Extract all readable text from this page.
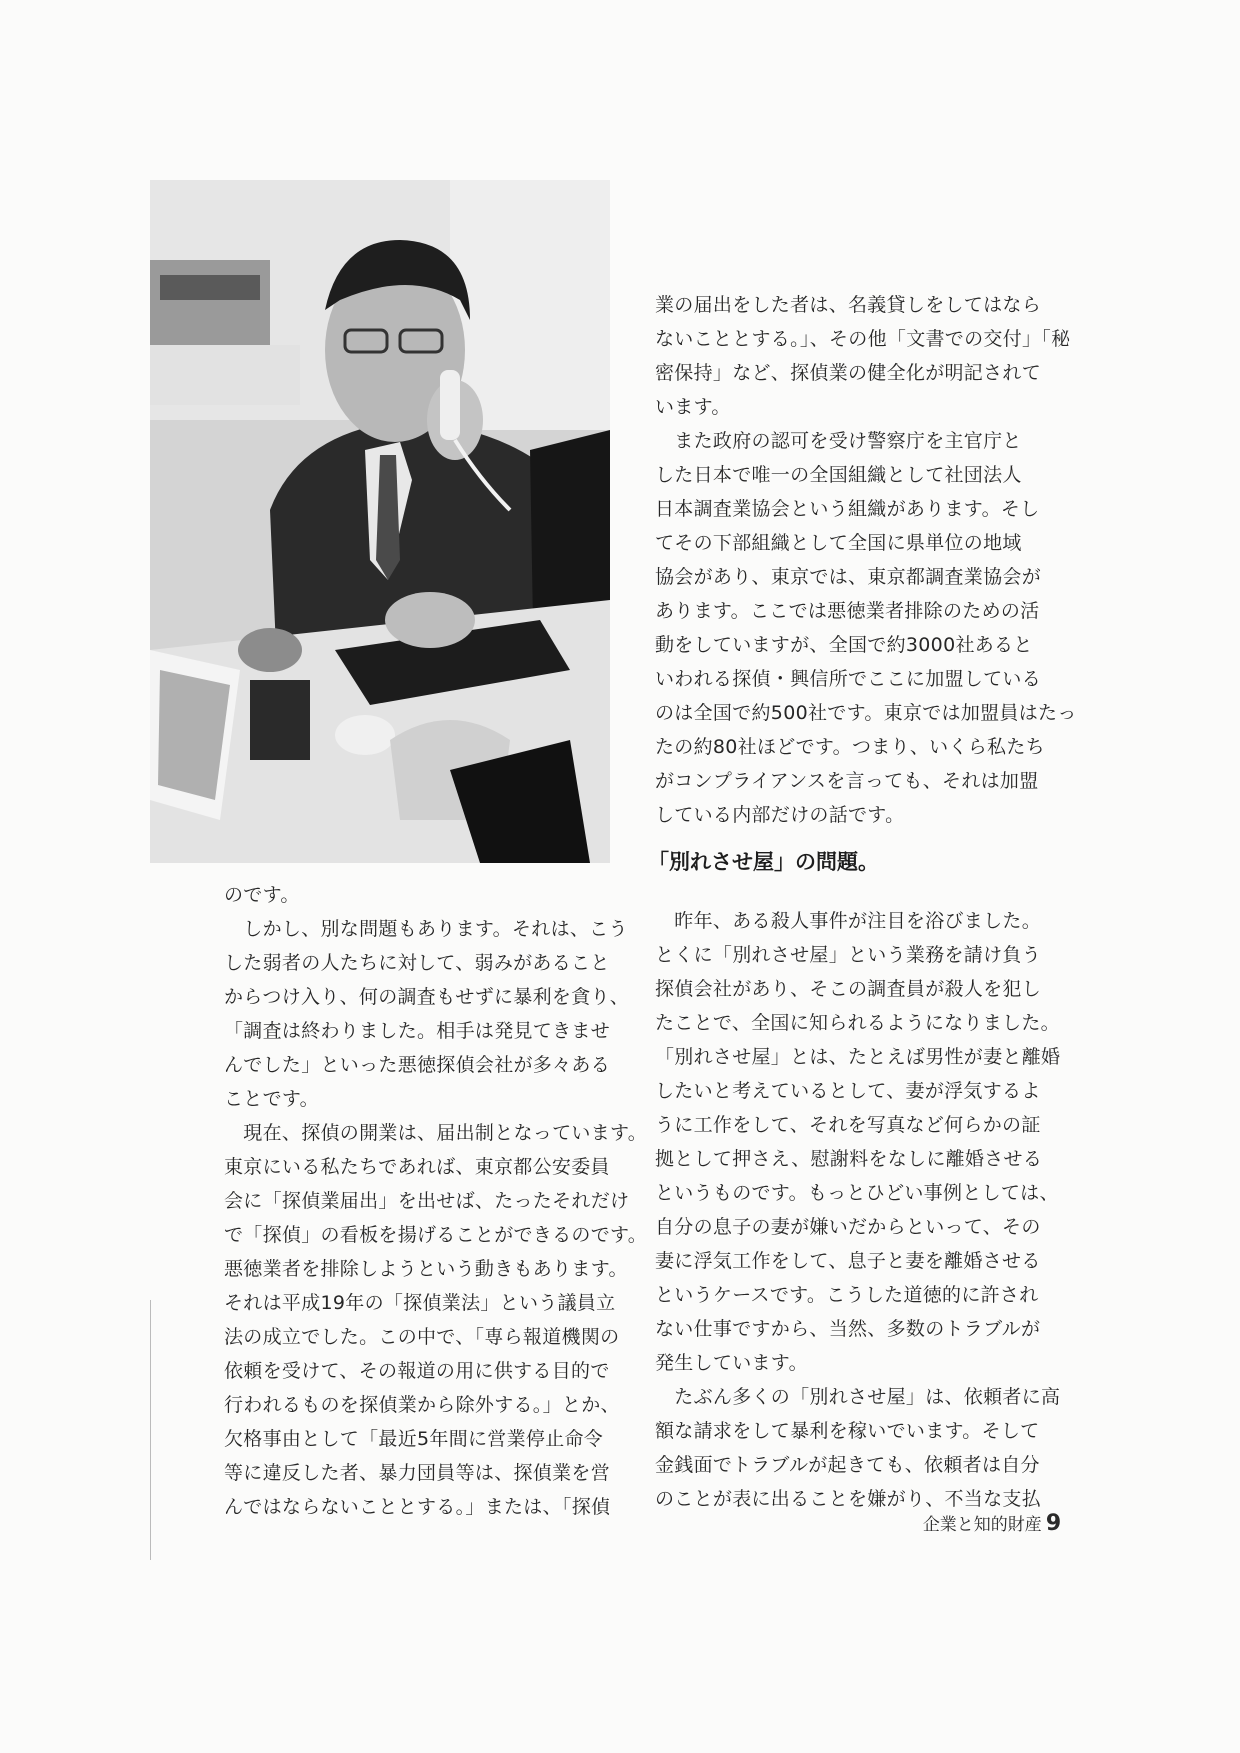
業の届出をした者は、名義貸しをしてはなら

ないこととする。」、その他「文書での交付」「秘

密保持」など、探偵業の健全化が明記されて

います。

　また政府の認可を受け警察庁を主官庁と

した日本で唯一の全国組織として社団法人

日本調査業協会という組織があります。そし

てその下部組織として全国に県単位の地域

協会があり、東京では、東京都調査業協会が

あります。ここでは悪徳業者排除のための活

動をしていますが、全国で約3000社あると

いわれる探偵・興信所でここに加盟している

のは全国で約500社です。東京では加盟員はたっ

たの約80社ほどです。つまり、いくら私たち

がコンプライアンスを言っても、それは加盟

している内部だけの話です。

「別れさせ屋」の問題。

のです。

　しかし、別な問題もあります。それは、こう

した弱者の人たちに対して、弱みがあること

からつけ入り、何の調査もせずに暴利を貪り、

「調査は終わりました。相手は発見てきませ

んでした」といった悪徳探偵会社が多々ある

ことです。

　現在、探偵の開業は、届出制となっています。

東京にいる私たちであれば、東京都公安委員

会に「探偵業届出」を出せば、たったそれだけ

で「探偵」の看板を揚げることができるのです。

悪徳業者を排除しようという動きもあります。

それは平成19年の「探偵業法」という議員立

法の成立でした。この中で、「専ら報道機関の

依頼を受けて、その報道の用に供する目的で

行われるものを探偵業から除外する。」とか、

欠格事由として「最近5年間に営業停止命令

等に違反した者、暴力団員等は、探偵業を営

んではならないこととする。」または、「探偵

　昨年、ある殺人事件が注目を浴びました。

とくに「別れさせ屋」という業務を請け負う

探偵会社があり、そこの調査員が殺人を犯し

たことで、全国に知られるようになりました。

「別れさせ屋」とは、たとえば男性が妻と離婚

したいと考えているとして、妻が浮気するよ

うに工作をして、それを写真など何らかの証

拠として押さえ、慰謝料をなしに離婚させる

というものです。もっとひどい事例としては、

自分の息子の妻が嫌いだからといって、その

妻に浮気工作をして、息子と妻を離婚させる

というケースです。こうした道徳的に許され

ない仕事ですから、当然、多数のトラブルが

発生しています。

　たぶん多くの「別れさせ屋」は、依頼者に高

額な請求をして暴利を稼いでいます。そして

金銭面でトラブルが起きても、依頼者は自分

のことが表に出ることを嫌がり、不当な支払

企業と知的財産 9
